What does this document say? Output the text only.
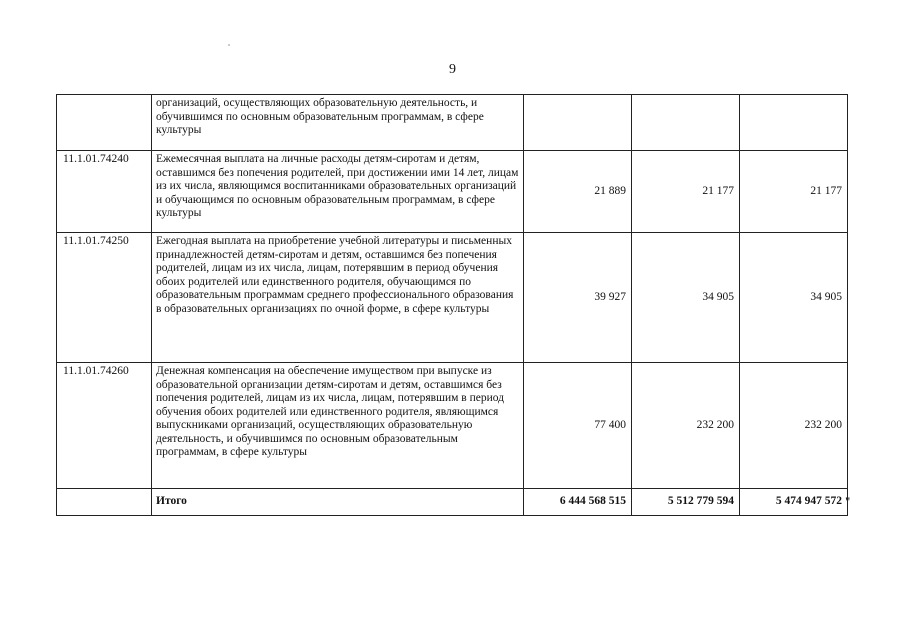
9
	организаций, осуществляющих образовательную деятельность, и обучившимся по основным образовательным программам, в сфере культуры			
11.1.01.74240	Ежемесячная выплата на личные расходы детям-сиротам и детям, оставшимся без попечения родителей, при достижении ими 14 лет, лицам из их числа, являющимся воспитанниками образовательных организаций и обучающимся по основным образовательным программам, в сфере культуры	21 889	21 177	21 177
11.1.01.74250	Ежегодная выплата на приобретение учебной литературы и письменных принадлежностей детям-сиротам и детям, оставшимся без попечения родителей, лицам из их числа, лицам, потерявшим в период обучения обоих родителей или единственного родителя, обучающимся по образовательным программам среднего профессионального образования в образовательных организациях по очной форме, в сфере культуры	39 927	34 905	34 905
11.1.01.74260	Денежная компенсация на обеспечение имуществом при выпуске из образовательной организации детям-сиротам и детям, оставшимся без попечения родителей, лицам из их числа, лицам, потерявшим в период обучения обоих родителей или единственного родителя, являющимся выпускниками организаций, осуществляющих образовательную деятельность, и обучившимся по основным образовательным программам, в сфере культуры	77 400	232 200	232 200
	Итого	6 444 568 515	5 512 779 594	5 474 947 572 "
